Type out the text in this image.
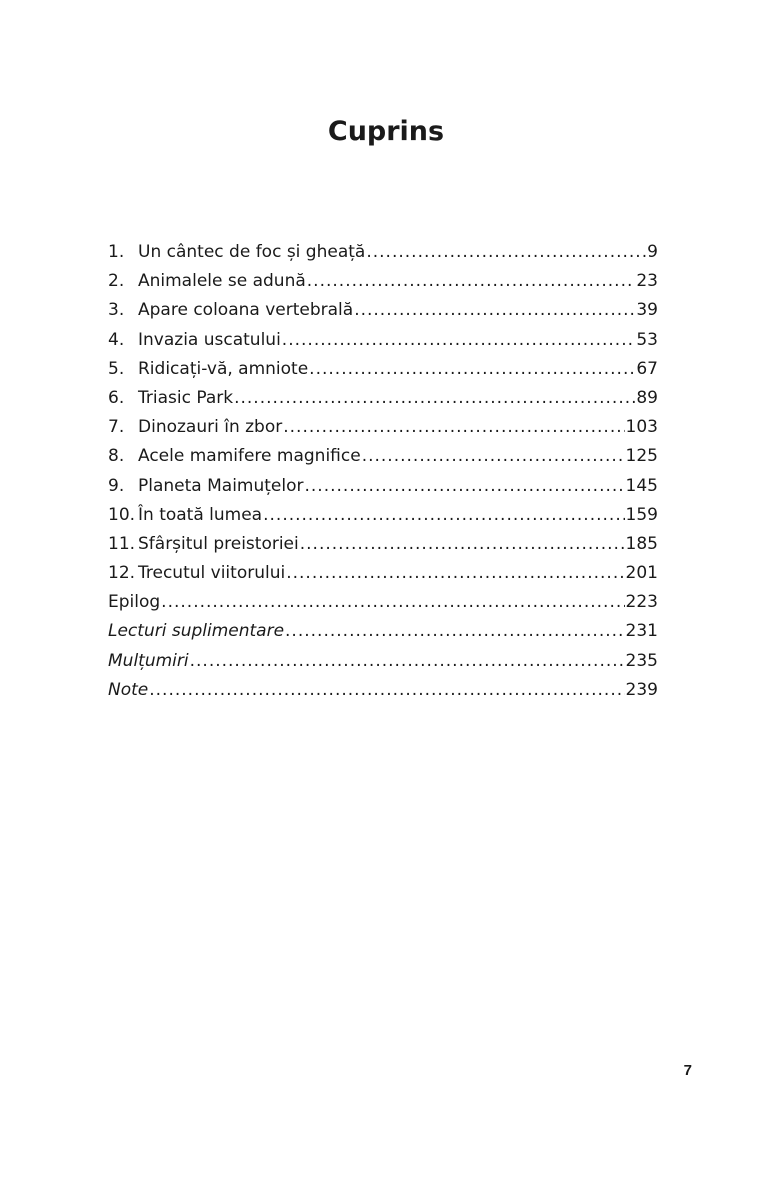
Cuprins
1. Un cântec de foc și gheață .....	9
2. Animalele se adună .....	23
3. Apare coloana vertebrală .....	39
4. Invazia uscatului .....	53
5. Ridicați-vă, amniote .....	67
6. Triasic Park .....	89
7. Dinozauri în zbor .....	103
8. Acele mamifere magnifice .....	125
9. Planeta Maimuțelor .....	145
10. În toată lumea .....	159
11. Sfârșitul preistoriei .....	185
12. Trecutul viitorului .....	201
Epilog .....	223
Lecturi suplimentare .....	231
Mulțumiri .....	235
Note .....	239
7
